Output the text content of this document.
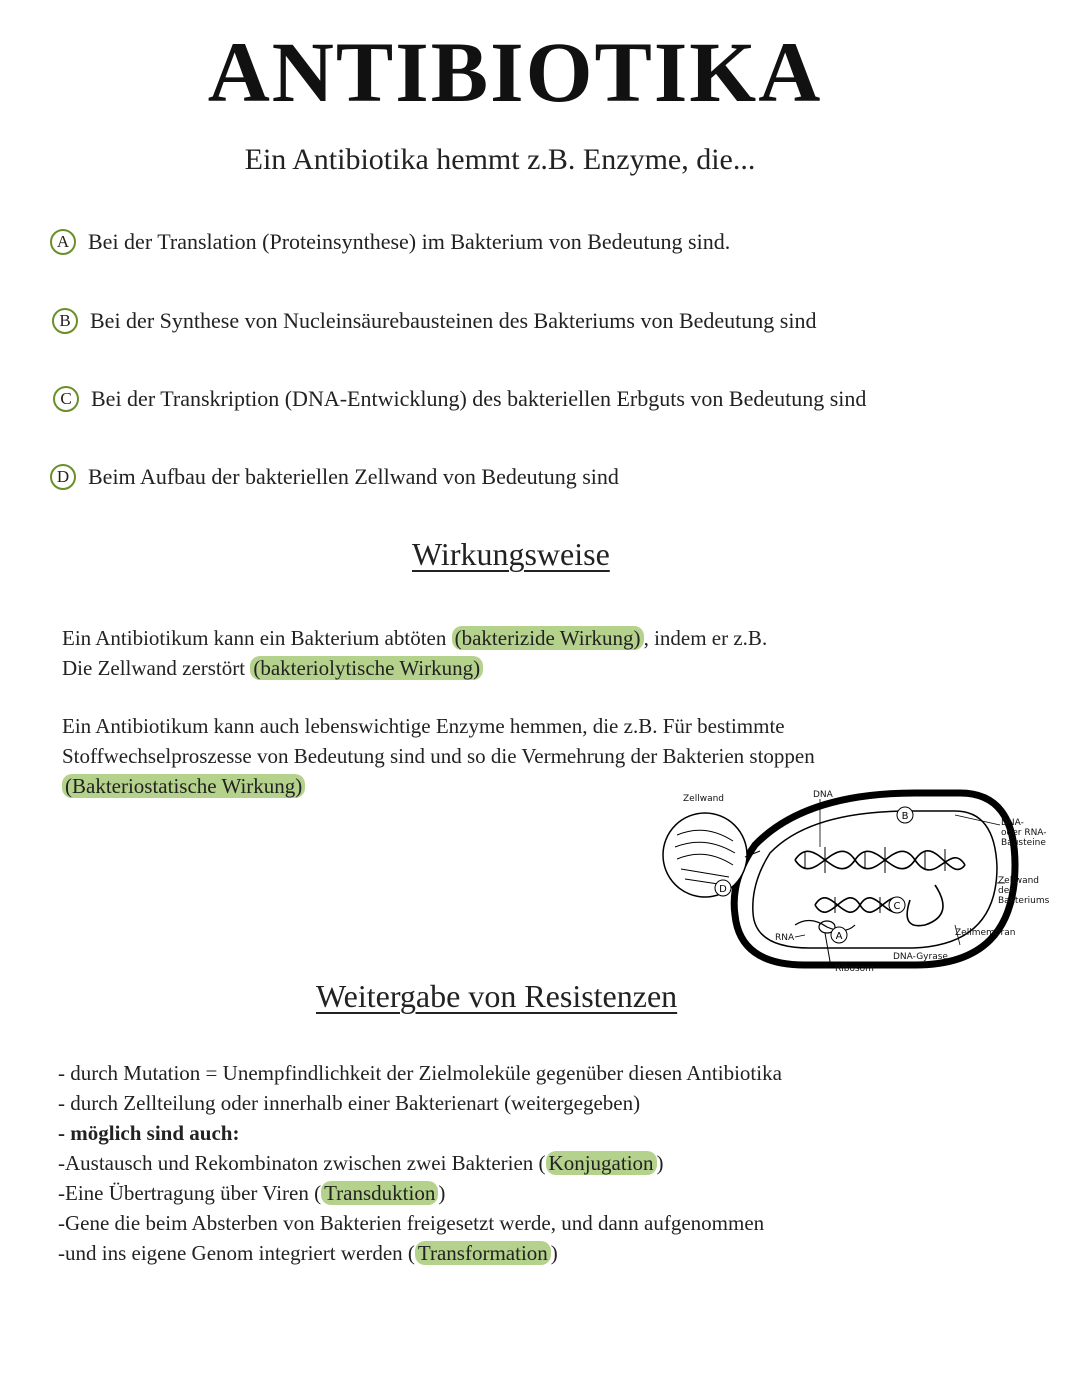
ANTIBIOTIKA
Ein Antibiotika hemmt z.B. Enzyme, die...
A Bei der Translation (Proteinsynthese) im Bakterium von Bedeutung sind.
B Bei der Synthese von Nucleinsäurebausteinen des Bakteriums von Bedeutung sind
C Bei der Transkription (DNA-Entwicklung) des bakteriellen Erbguts von Bedeutung sind
D Beim Aufbau der bakteriellen Zellwand von Bedeutung sind
Wirkungsweise
Ein Antibiotikum kann ein Bakterium abtöten (bakterizide Wirkung) , indem er z.B.
Die Zellwand zerstört (bakteriolytische Wirkung)
Ein Antibiotikum kann auch lebenswichtige Enzyme hemmen, die z.B. Für bestimmte
Stoffwechselproszesse von Bedeutung sind und so die Vermehrung der Bakterien stoppen
(Bakteriostatische Wirkung)
B
C
A
D
Zellwand	DNA
DNA-
oder RNA-
Bausteine
Zellwand
des
Bakteriums
Zellmembran
RNA
DNA-Gyrase
Ribosom
Weitergabe von Resistenzen
- durch Mutation = Unempfindlichkeit der Zielmoleküle gegenüber diesen Antibiotika
- durch Zellteilung oder innerhalb einer Bakterienart (weitergegeben)
- möglich sind auch:
-Austausch und Rekombinaton zwischen zwei Bakterien ( Konjugation )
-Eine Übertragung über Viren ( Transduktion )
-Gene die beim Absterben von Bakterien freigesetzt werde, und dann aufgenommen
-und ins eigene Genom integriert werden ( Transformation )
